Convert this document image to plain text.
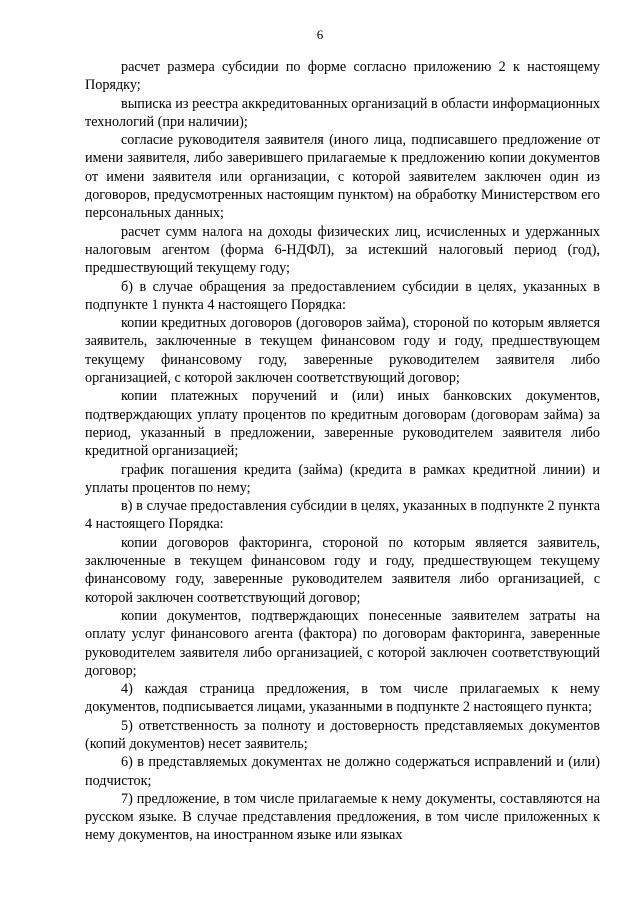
6

расчет размера субсидии по форме согласно приложению 2 к настоящему Порядку;

выписка из реестра аккредитованных организаций в области информационных технологий (при наличии);

согласие руководителя заявителя (иного лица, подписавшего предложение от имени заявителя, либо заверившего прилагаемые к предложению копии документов от имени заявителя или организации, с которой заявителем заключен один из договоров, предусмотренных настоящим пунктом) на обработку Министерством его персональных данных;

расчет сумм налога на доходы физических лиц, исчисленных и удержанных налоговым агентом (форма 6-НДФЛ), за истекший налоговый период (год), предшествующий текущему году;

б) в случае обращения за предоставлением субсидии в целях, указанных в подпункте 1 пункта 4 настоящего Порядка:

копии кредитных договоров (договоров займа), стороной по которым является заявитель, заключенные в текущем финансовом году и году, предшествующем текущему финансовому году, заверенные руководителем заявителя либо организацией, с которой заключен соответствующий договор;

копии платежных поручений и (или) иных банковских документов, подтверждающих уплату процентов по кредитным договорам (договорам займа) за период, указанный в предложении, заверенные руководителем заявителя либо кредитной организацией;

график погашения кредита (займа) (кредита в рамках кредитной линии) и уплаты процентов по нему;

в) в случае предоставления субсидии в целях, указанных в подпункте 2 пункта 4 настоящего Порядка:

копии договоров факторинга, стороной по которым является заявитель, заключенные в текущем финансовом году и году, предшествующем текущему финансовому году, заверенные руководителем заявителя либо организацией, с которой заключен соответствующий договор;

копии документов, подтверждающих понесенные заявителем затраты на оплату услуг финансового агента (фактора) по договорам факторинга, заверенные руководителем заявителя либо организацией, с которой заключен соответствующий договор;

4) каждая страница предложения, в том числе прилагаемых к нему документов, подписывается лицами, указанными в подпункте 2 настоящего пункта;

5) ответственность за полноту и достоверность представляемых документов (копий документов) несет заявитель;

6) в представляемых документах не должно содержаться исправлений и (или) подчисток;

7) предложение, в том числе прилагаемые к нему документы, составляются на русском языке. В случае представления предложения, в том числе приложенных к нему документов, на иностранном языке или языках
